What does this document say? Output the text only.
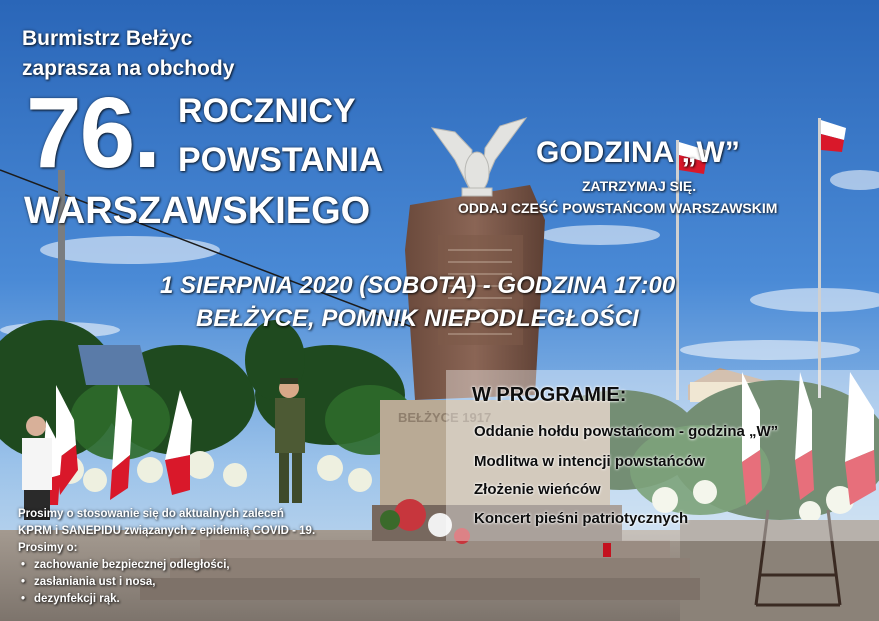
BEŁŻYCE 1917
Burmistrz Bełżyc
zaprasza na obchody
76. ROCZNICY
POWSTANIA
WARSZAWSKIEGO
GODZINA „W”
ZATRZYMAJ SIĘ.
ODDAJ CZEŚĆ POWSTAŃCOM WARSZAWSKIM
1 SIERPNIA 2020 (SOBOTA) - GODZINA 17:00
BEŁŻYCE, POMNIK NIEPODLEGŁOŚCI
W PROGRAMIE:
Oddanie hołdu powstańcom - godzina „W”
Modlitwa w intencji powstańców
Złożenie wieńców
Koncert pieśni patriotycznych
Prosimy o stosowanie się do aktualnych zaleceń
KPRM i SANEPIDU związanych z epidemią COVID - 19.
Prosimy o:
• zachowanie bezpiecznej odległości,
• zasłaniania ust i nosa,
• dezynfekcji rąk.
